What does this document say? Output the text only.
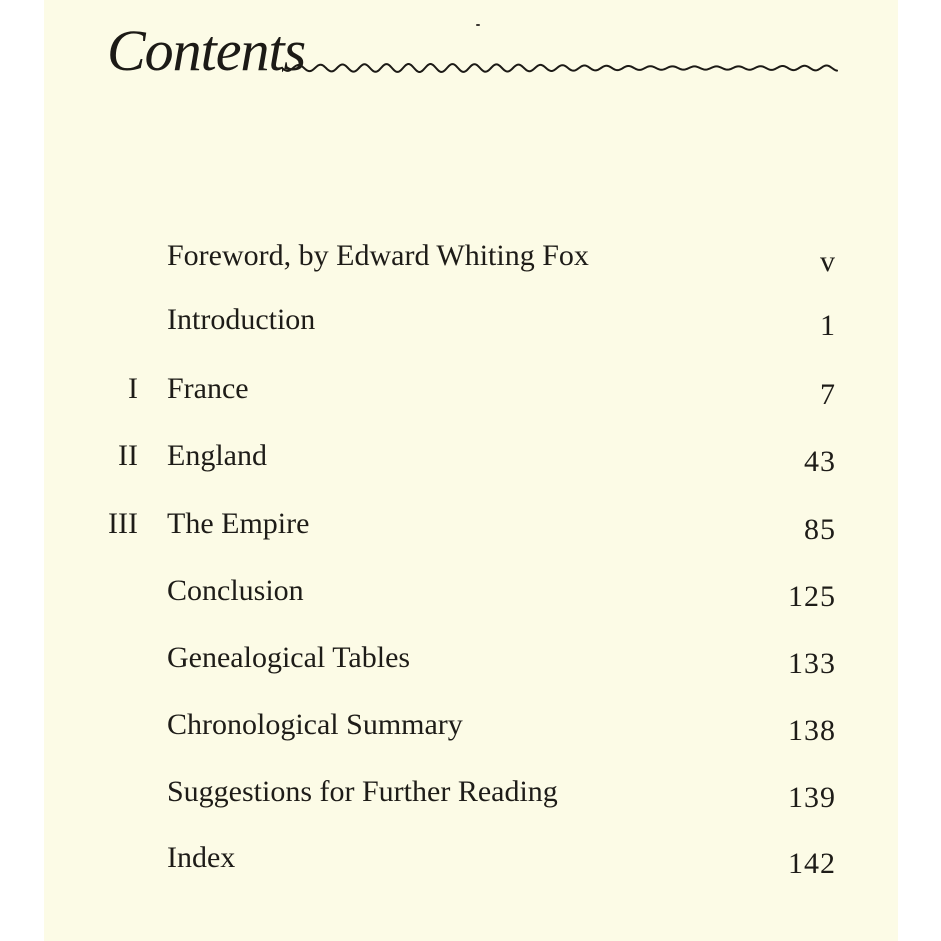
Contents
Foreword, by Edward Whiting Fox	v
Introduction	1
I France	7
II England	43
III The Empire	85
Conclusion	125
Genealogical Tables	133
Chronological Summary	138
Suggestions for Further Reading	139
Index	142
